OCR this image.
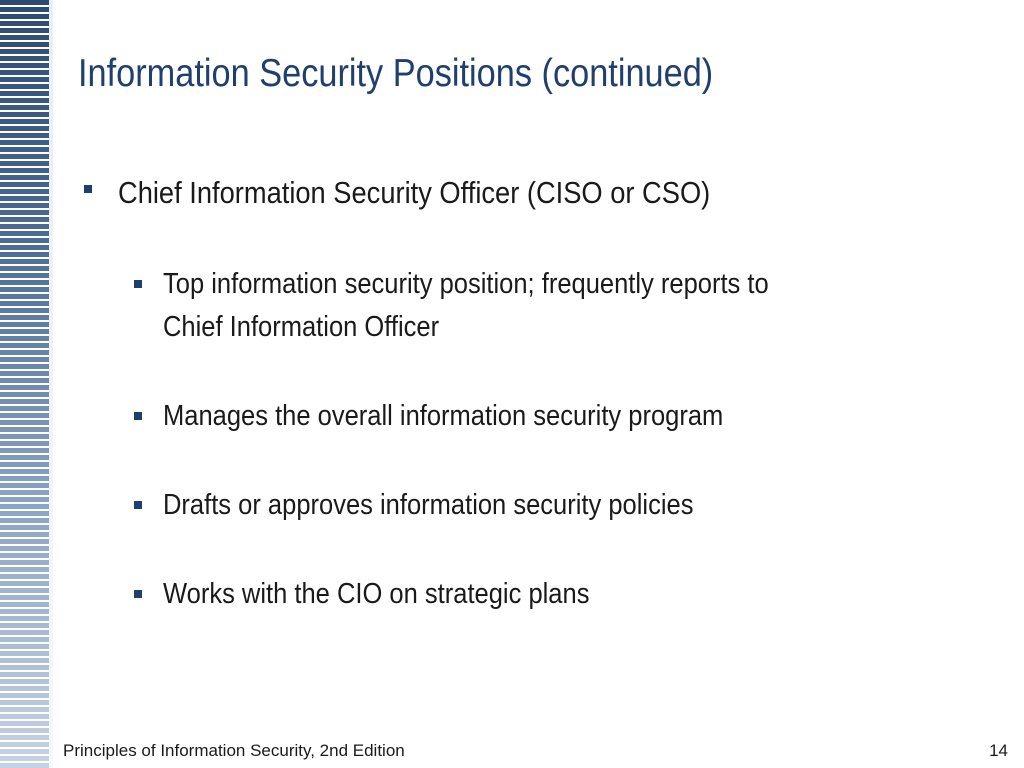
Information Security Positions (continued)
Chief Information Security Officer (CISO or CSO)
Top information security position; frequently reports to
Chief Information Officer
Manages the overall information security program
Drafts or approves information security policies
Works with the CIO on strategic plans
Principles of Information Security, 2nd Edition	14
